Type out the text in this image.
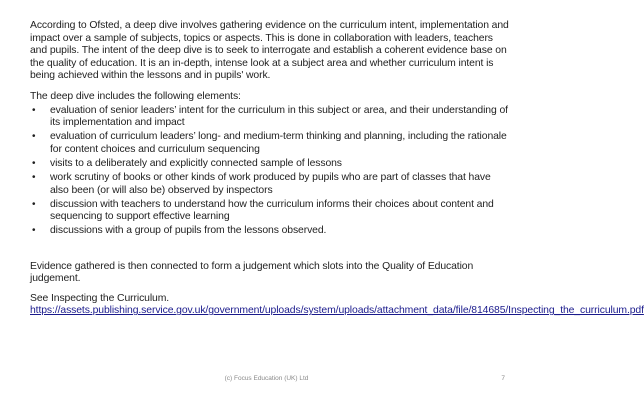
According to Ofsted, a deep dive involves gathering evidence on the curriculum intent, implementation and impact over a sample of subjects, topics or aspects. This is done in collaboration with leaders, teachers and pupils. The intent of the deep dive is to seek to interrogate and establish a coherent evidence base on the quality of education. It is an in-depth, intense look at a subject area and whether curriculum intent is being achieved within the lessons and in pupils' work.

The deep dive includes the following elements:

• evaluation of senior leaders’ intent for the curriculum in this subject or area, and their understanding of its implementation and impact
• evaluation of curriculum leaders’ long- and medium-term thinking and planning, including the rationale for content choices and curriculum sequencing
• visits to a deliberately and explicitly connected sample of lessons
• work scrutiny of books or other kinds of work produced by pupils who are part of classes that have also been (or will also be) observed by inspectors
• discussion with teachers to understand how the curriculum informs their choices about content and sequencing to support effective learning
• discussions with a group of pupils from the lessons observed.

Evidence gathered is then connected to form a judgement which slots into the Quality of Education judgement.

See Inspecting the Curriculum.

https://assets.publishing.service.gov.uk/government/uploads/system/uploads/attachment_data/file/814685/Inspecting_the_curriculum.pdf

(c) Focus Education (UK) Ltd	7
